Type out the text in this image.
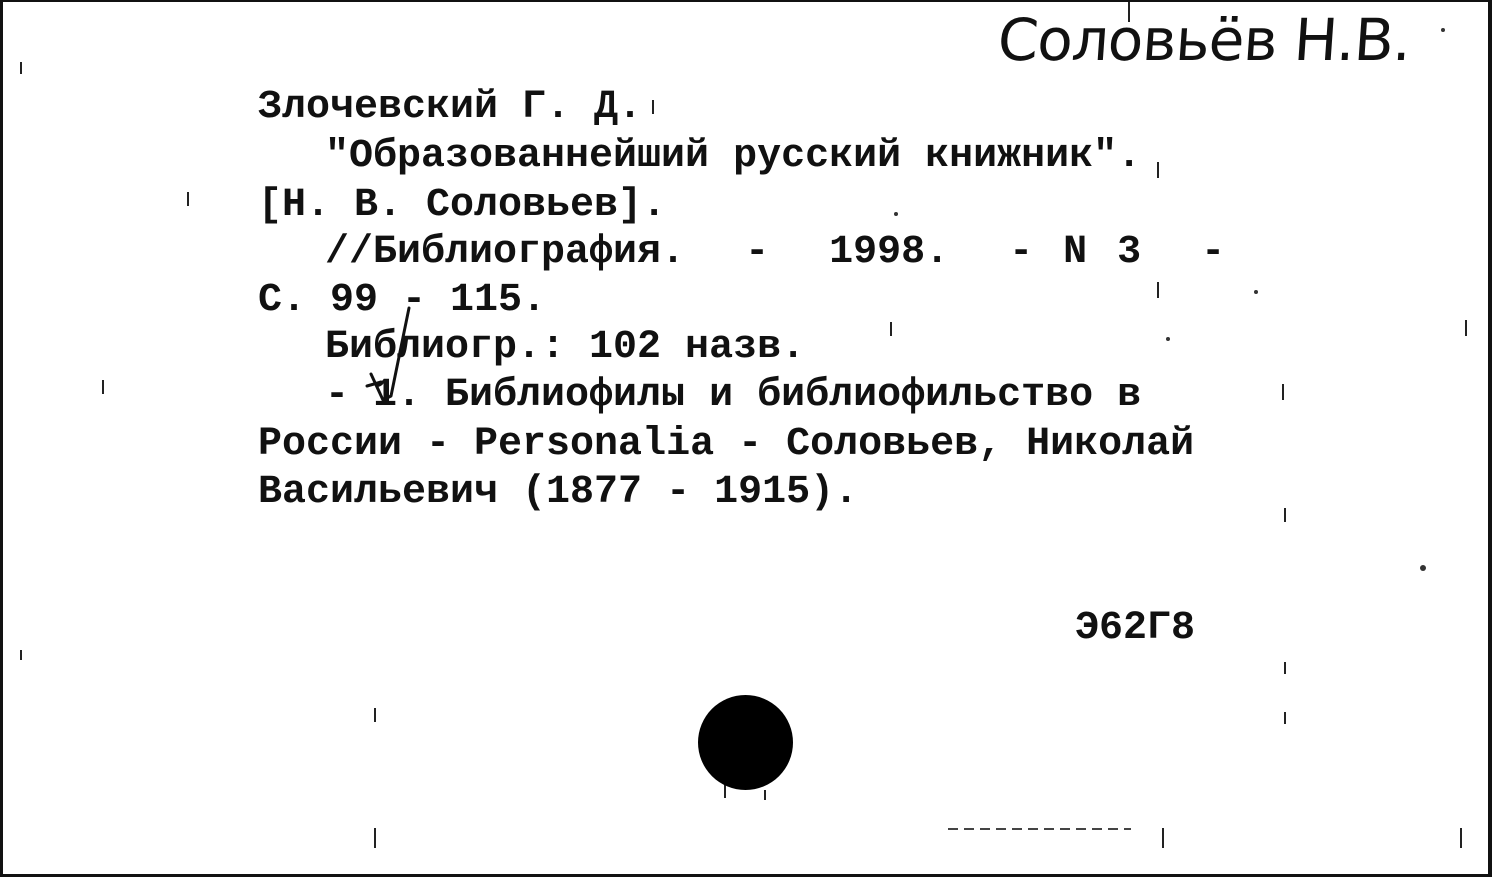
Соловьёв Н.В.
Злочевский Г. Д.
"Образованнейший русский книжник".
[Н. В. Соловьев].
//Библиография.  -  1998.  - N 3  -
С. 99 - 115.
Библиогр.: 102 назв.
- 1. Библиофилы и библиофильство в
России - Personalia - Соловьев, Николай
Васильевич (1877 - 1915).
Э62Г8
